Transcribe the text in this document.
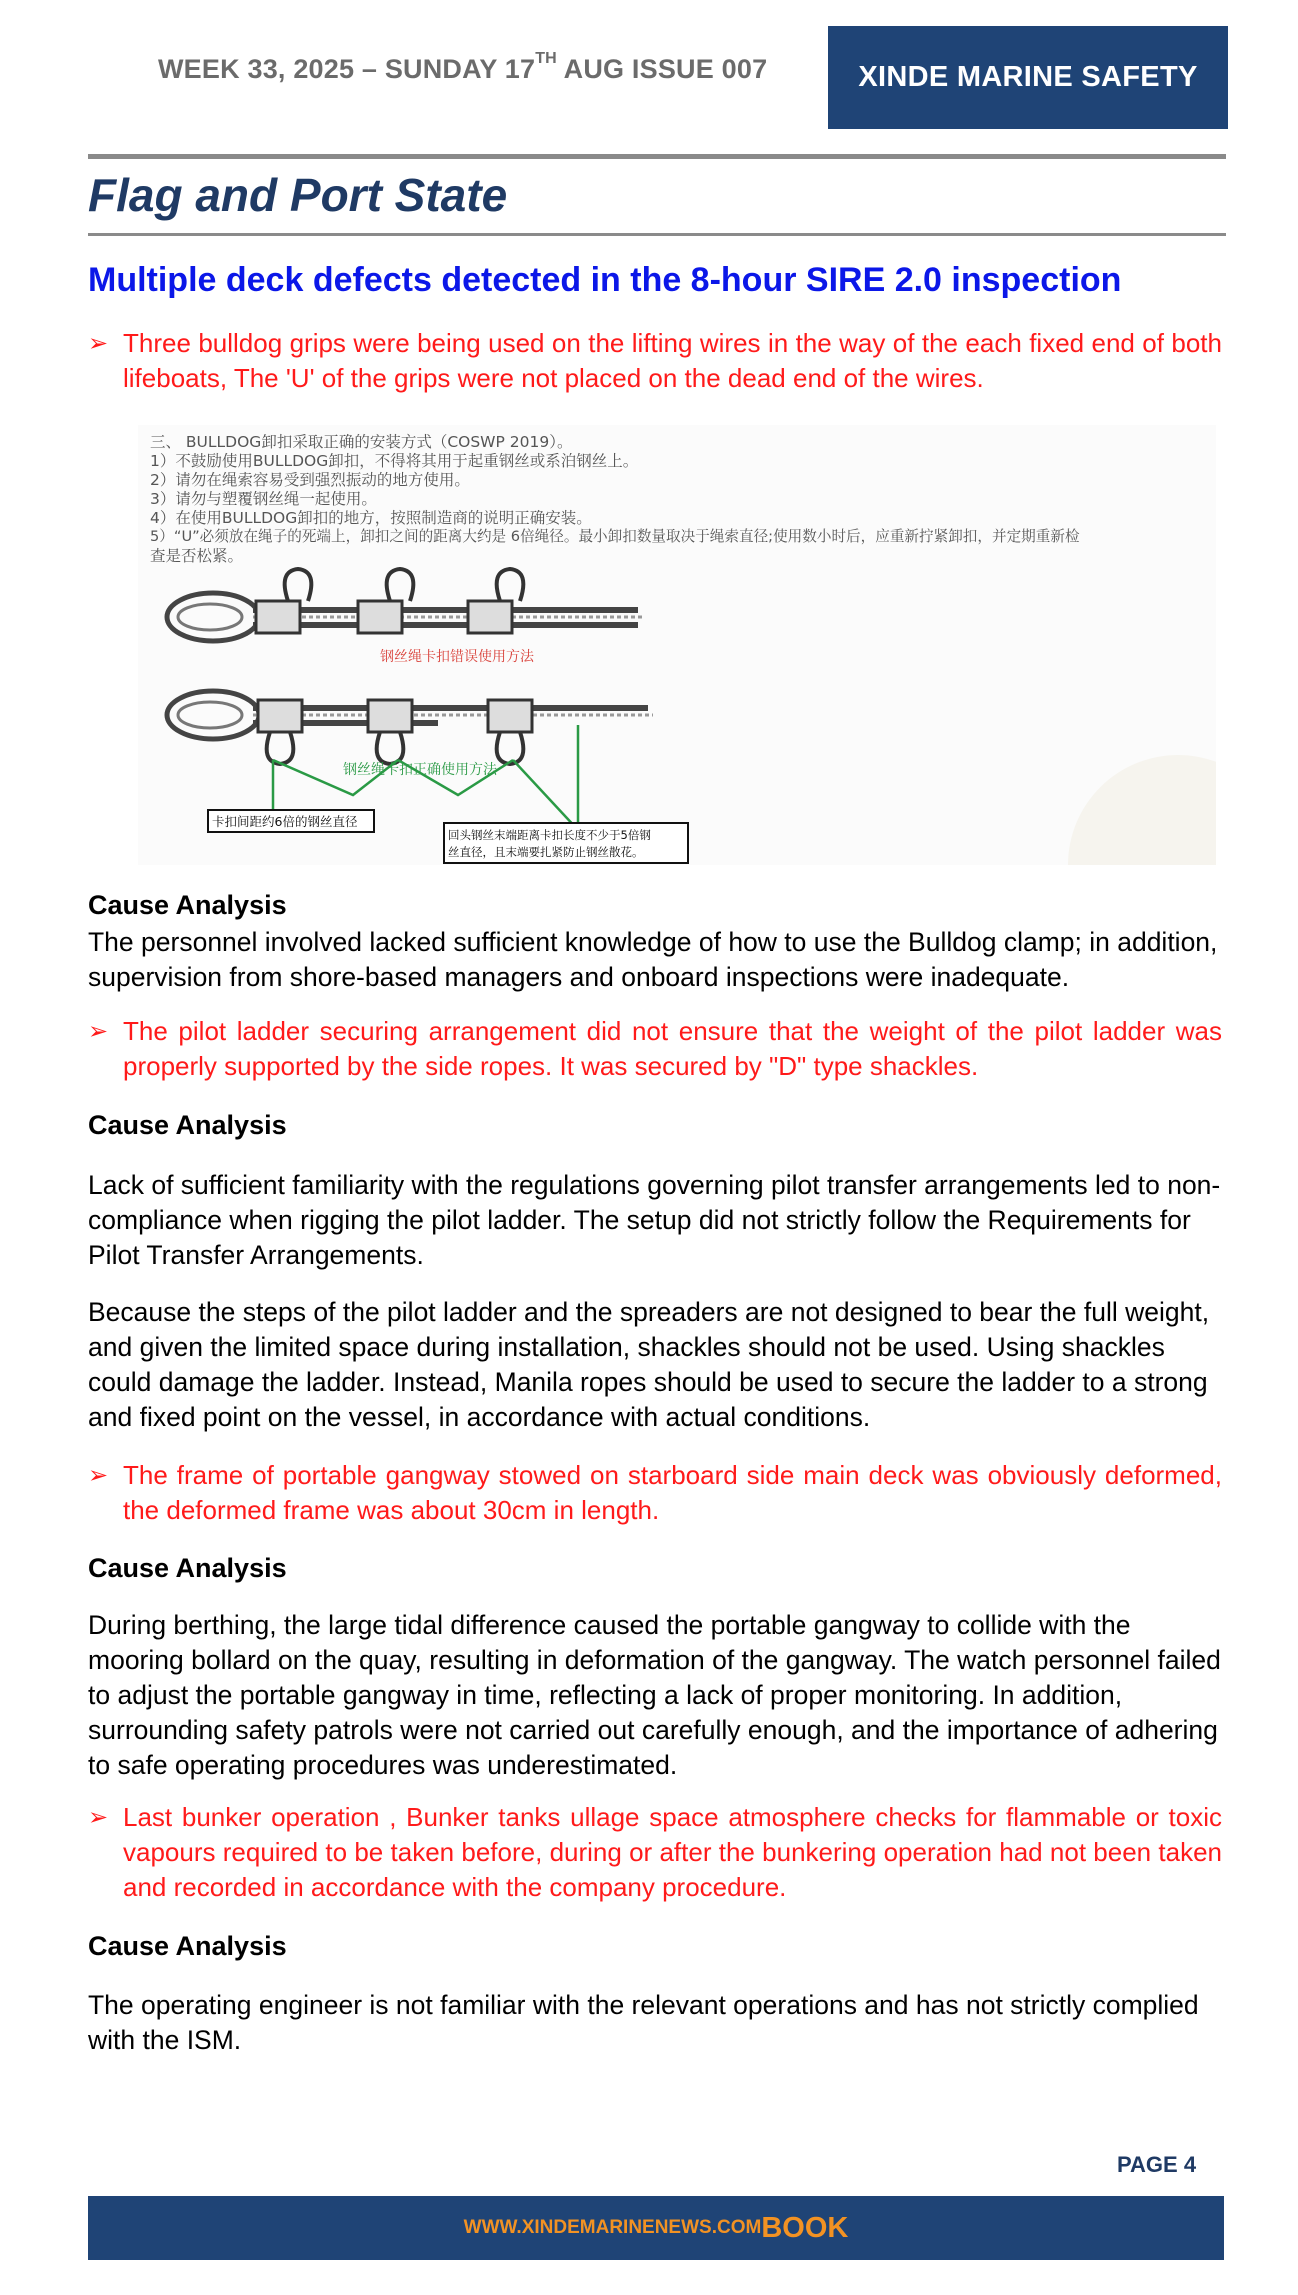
WEEK 33, 2025 – SUNDAY 17TH AUG ISSUE 007	XINDE MARINE SAFETY
Flag and Port State
Multiple deck defects detected in the 8-hour SIRE 2.0 inspection
➢ Three bulldog grips were being used on the lifting wires in the way of the each fixed end of both lifeboats, The 'U' of the grips were not placed on the dead end of the wires.
三、 BULLDOG卸扣采取正确的安装方式（COSWP 2019）。
1）不鼓励使用BULLDOG卸扣，不得将其用于起重钢丝或系泊钢丝上。
2）请勿在绳索容易受到强烈振动的地方使用。
3）请勿与塑覆钢丝绳一起使用。
4）在使用BULLDOG卸扣的地方，按照制造商的说明正确安装。
5）“U”必须放在绳子的死端上，卸扣之间的距离大约是 6倍绳径。最小卸扣数量取决于绳索直径;使用数小时后，应重新拧紧卸扣，并定期重新检
查是否松紧。
钢丝绳卡扣错误使用方法
钢丝绳卡扣正确使用方法
卡扣间距约6倍的钢丝直径
回头钢丝末端距离卡扣长度不少于5倍钢
丝直径，且末端要扎紧防止钢丝散花。
Cause Analysis
The personnel involved lacked sufficient knowledge of how to use the Bulldog clamp; in addition, supervision from shore-based managers and onboard inspections were inadequate.
➢ The pilot ladder securing arrangement did not ensure that the weight of the pilot ladder was properly supported by the side ropes. It was secured by "D" type shackles.
Cause Analysis
Lack of sufficient familiarity with the regulations governing pilot transfer arrangements led to non-compliance when rigging the pilot ladder. The setup did not strictly follow the Requirements for Pilot Transfer Arrangements.
Because the steps of the pilot ladder and the spreaders are not designed to bear the full weight, and given the limited space during installation, shackles should not be used. Using shackles could damage the ladder. Instead, Manila ropes should be used to secure the ladder to a strong and fixed point on the vessel, in accordance with actual conditions.
➢ The frame of portable gangway stowed on starboard side main deck was obviously deformed, the deformed frame was about 30cm in length.
Cause Analysis
During berthing, the large tidal difference caused the portable gangway to collide with the mooring bollard on the quay, resulting in deformation of the gangway. The watch personnel failed to adjust the portable gangway in time, reflecting a lack of proper monitoring. In addition, surrounding safety patrols were not carried out carefully enough, and the importance of adhering to safe operating procedures was underestimated.
➢ Last bunker operation , Bunker tanks ullage space atmosphere checks for flammable or toxic vapours required to be taken before, during or after the bunkering operation had not been taken and recorded in accordance with the company procedure.
Cause Analysis
The operating engineer is not familiar with the relevant operations and has not strictly complied with the ISM.
PAGE 4
WWW.XINDEMARINENEWS.COM BOOK
